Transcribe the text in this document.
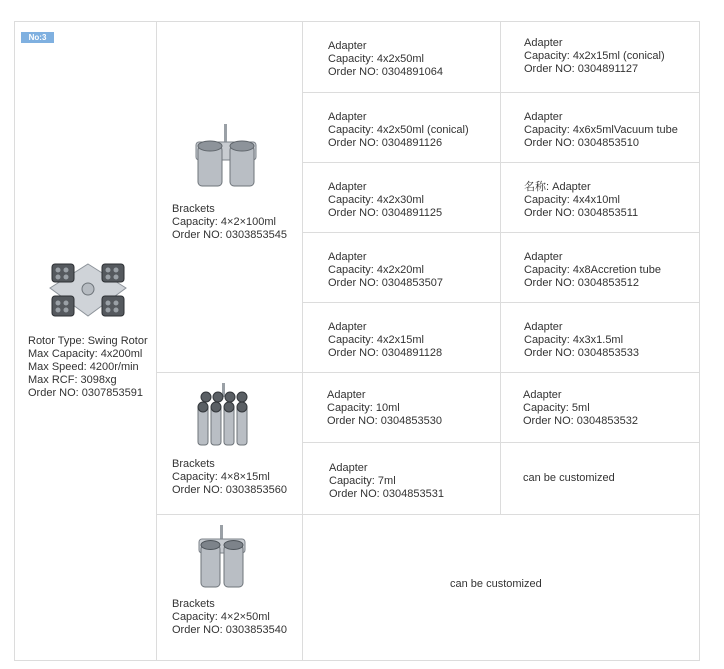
No:3
Rotor Type: Swing Rotor
Max Capacity: 4x200ml
Max Speed: 4200r/min
Max RCF: 3098xg
Order NO: 0307853591
Brackets
Capacity: 4×2×100ml
Order NO: 0303853545
Brackets
Capacity: 4×8×15ml
Order NO: 0303853560
Brackets
Capacity: 4×2×50ml
Order NO: 0303853540
Adapter
Capacity: 4x2x50ml
Order NO: 0304891064
Adapter
Capacity: 4x2x15ml (conical)
Order NO: 0304891127
Adapter
Capacity: 4x2x50ml (conical)
Order NO: 0304891126
Adapter
Capacity: 4x6x5mlVacuum tube
Order NO: 0304853510
Adapter
Capacity: 4x2x30ml
Order NO: 0304891125
名称: Adapter
Capacity: 4x4x10ml
Order NO: 0304853511
Adapter
Capacity: 4x2x20ml
Order NO: 0304853507
Adapter
Capacity: 4x8Accretion tube
Order NO: 0304853512
Adapter
Capacity: 4x2x15ml
Order NO: 0304891128
Adapter
Capacity: 4x3x1.5ml
Order NO: 0304853533
Adapter
Capacity: 10ml
Order NO: 0304853530
Adapter
Capacity: 5ml
Order NO: 0304853532
Adapter
Capacity: 7ml
Order NO: 0304853531
can be customized
can be customized
